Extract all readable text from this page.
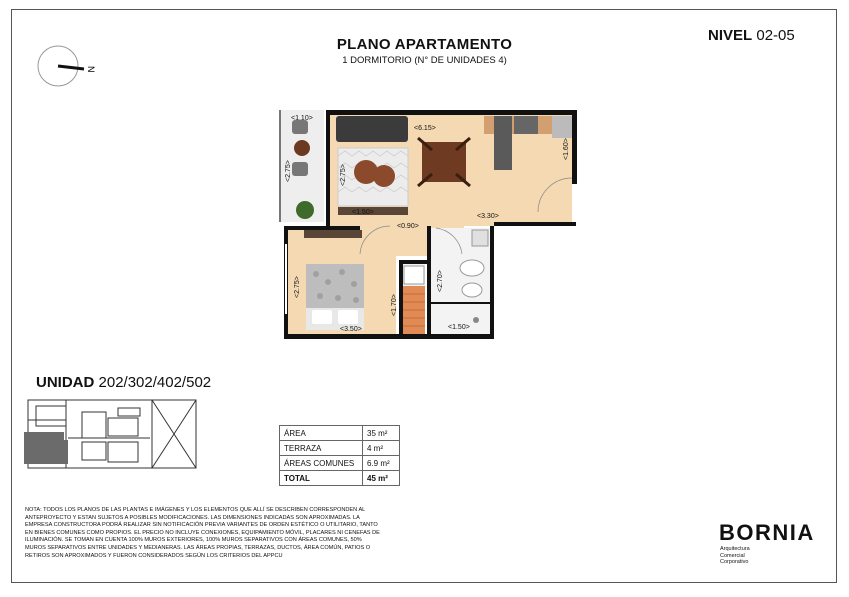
PLANO APARTAMENTO
1 DORMITORIO (N° DE UNIDADES 4)
NIVEL 02-05
N
<1.10>
<2.75>	<2.75>
<6.15>
<1.60>
<1.50>
<0.90>
<3.30>
<2.75>
<1.70>
<2.70>
<3.50>	<1.50>
UNIDAD 202/302/402/502
ÁREA	35 m²
TERRAZA	4 m²
ÁREAS COMUNES	6.9 m²
TOTAL	45 m²
NOTA: TODOS LOS PLANOS DE LAS PLANTAS E IMÁGENES Y LOS ELEMENTOS QUE ALLÍ SE DESCRIBEN CORRESPONDEN AL ANTEPROYECTO Y ESTAN SUJETOS A POSIBLES MODIFICACIONES. LAS DIMENSIONES INDICADAS SON APROXIMADAS. LA EMPRESA CONSTRUCTORA PODRÁ REALIZAR SIN NOTIFICACIÓN PREVIA VARIANTES DE ORDEN ESTÉTICO O UTILITARIO, TANTO EN BIENES COMUNES COMO PROPIOS. EL PRECIO NO INCLUYE CONEXIONES, EQUIPAMIENTO MÓVIL, PLACARES NI CENEFAS DE ILUMINACIÓN. SE TOMAN EN CUENTA 100% MUROS EXTERIORES, 100% MUROS SEPARATIVOS CON ÁREAS COMUNES, 50% MUROS SEPARATIVOS ENTRE UNIDADES Y MEDIANERAS. LAS ÁREAS PROPIAS, TERRAZAS, DUCTOS, ÁREA COMÚN, PATIOS O RETIROS SON APROXIMADOS Y FUERON CONSIDERADOS SEGÚN LOS CRITERIOS DEL APPCU
BORNIA
Arquitectura
Comercial
Corporativo
